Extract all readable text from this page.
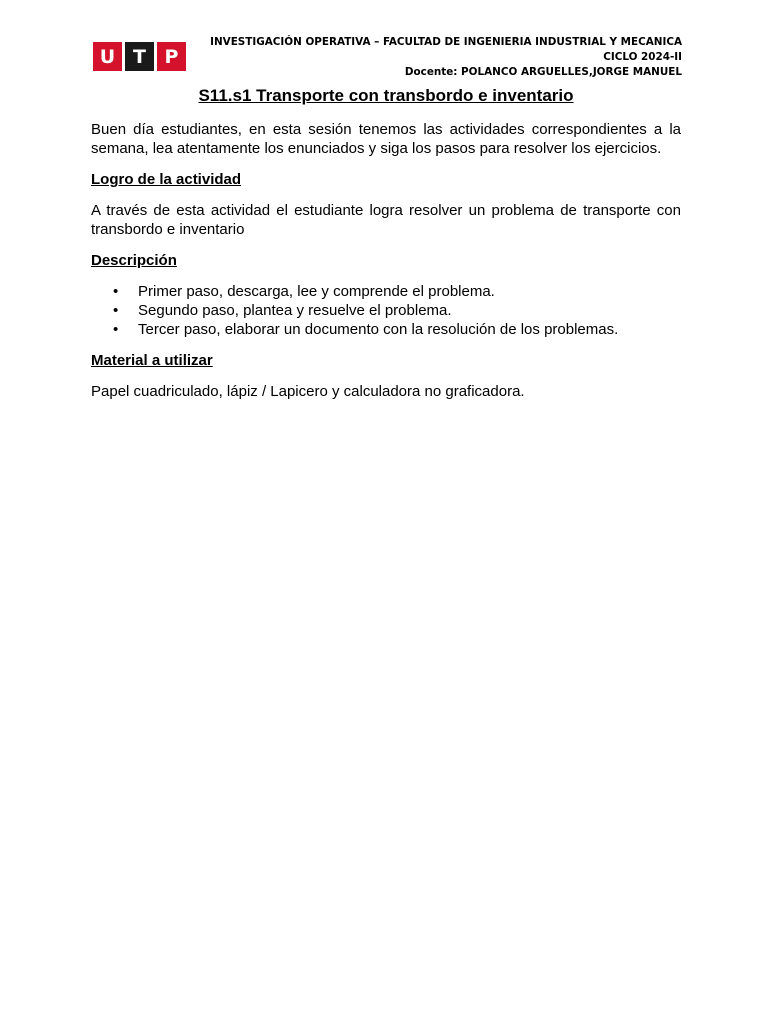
U T P
INVESTIGACIÓN OPERATIVA – FACULTAD DE INGENIERIA INDUSTRIAL Y MECANICA
CICLO 2024-II
Docente: POLANCO ARGUELLES,JORGE MANUEL
S11.s1 Transporte con transbordo e inventario

Buen día estudiantes, en esta sesión tenemos las actividades correspondientes a la semana, lea atentamente los enunciados y siga los pasos para resolver los ejercicios.

Logro de la actividad

A través de esta actividad el estudiante logra resolver un problema de transporte con transbordo e inventario

Descripción
• Primer paso, descarga, lee y comprende el problema.
• Segundo paso, plantea y resuelve el problema.
• Tercer paso, elaborar un documento con la resolución de los problemas.
Material a utilizar

Papel cuadriculado, lápiz / Lapicero y calculadora no graficadora.
